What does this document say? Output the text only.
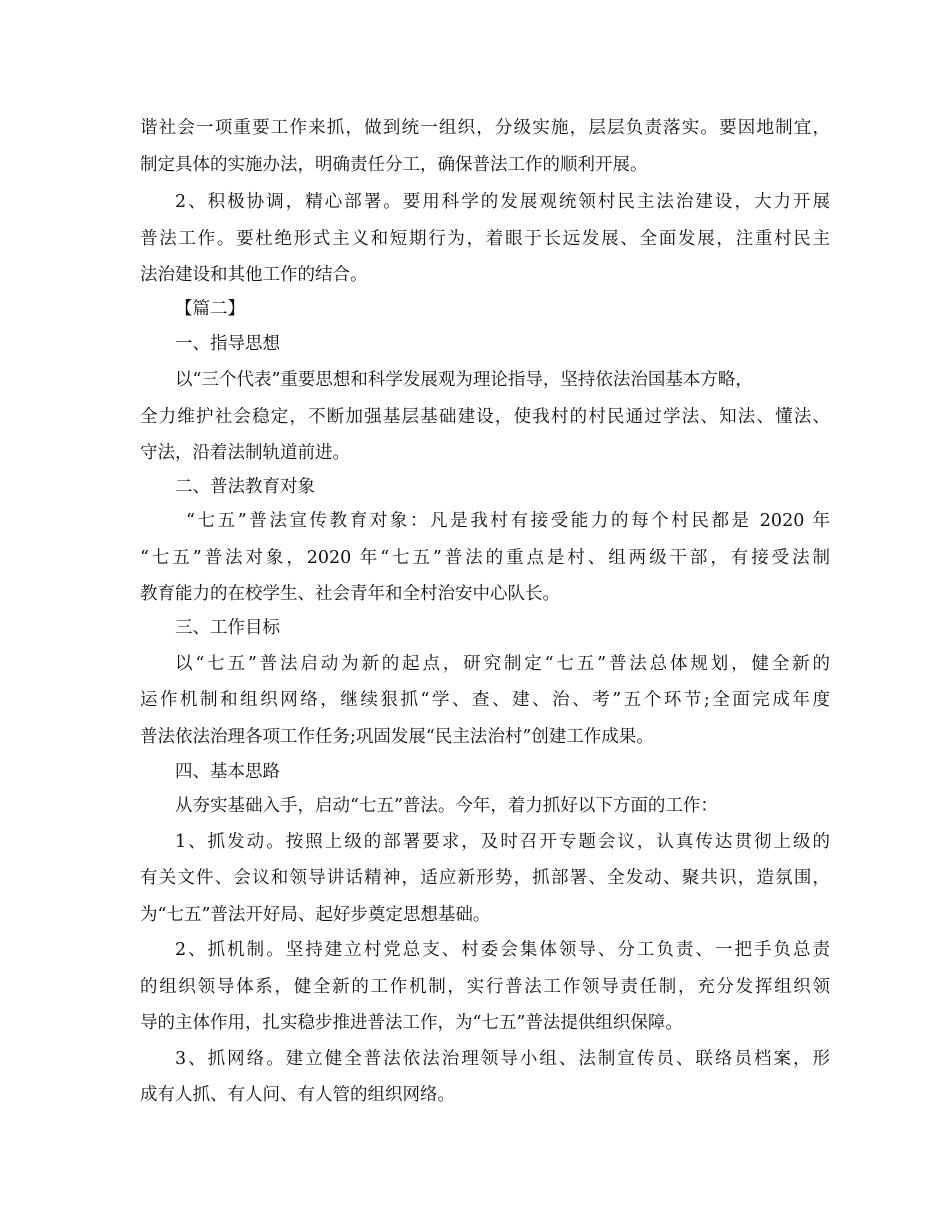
谐社会一项重要工作来抓，做到统一组织，分级实施，层层负责落实。要因地制宜，
制定具体的实施办法，明确责任分工，确保普法工作的顺利开展。
2、积极协调，精心部署。要用科学的发展观统领村民主法治建设，大力开展
普法工作。要杜绝形式主义和短期行为，着眼于长远发展、全面发展，注重村民主
法治建设和其他工作的结合。
【篇二】
一、指导思想
以“三个代表”重要思想和科学发展观为理论指导，坚持依法治国基本方略，
全力维护社会稳定，不断加强基层基础建设，使我村的村民通过学法、知法、懂法、
守法，沿着法制轨道前进。
二、普法教育对象
“七五”普法宣传教育对象：凡是我村有接受能力的每个村民都是 2020 年
“七五”普法对象，2020 年“七五”普法的重点是村、组两级干部，有接受法制
教育能力的在校学生、社会青年和全村治安中心队长。
三、工作目标
以“七五”普法启动为新的起点，研究制定“七五”普法总体规划，健全新的
运作机制和组织网络，继续狠抓“学、查、建、治、考”五个环节;全面完成年度
普法依法治理各项工作任务;巩固发展“民主法治村”创建工作成果。
四、基本思路
从夯实基础入手，启动“七五”普法。今年，着力抓好以下方面的工作：
1、抓发动。按照上级的部署要求，及时召开专题会议，认真传达贯彻上级的
有关文件、会议和领导讲话精神，适应新形势，抓部署、全发动、聚共识，造氛围，
为“七五”普法开好局、起好步奠定思想基础。
2、抓机制。坚持建立村党总支、村委会集体领导、分工负责、一把手负总责
的组织领导体系，健全新的工作机制，实行普法工作领导责任制，充分发挥组织领
导的主体作用，扎实稳步推进普法工作，为“七五”普法提供组织保障。
3、抓网络。建立健全普法依法治理领导小组、法制宣传员、联络员档案，形
成有人抓、有人问、有人管的组织网络。
